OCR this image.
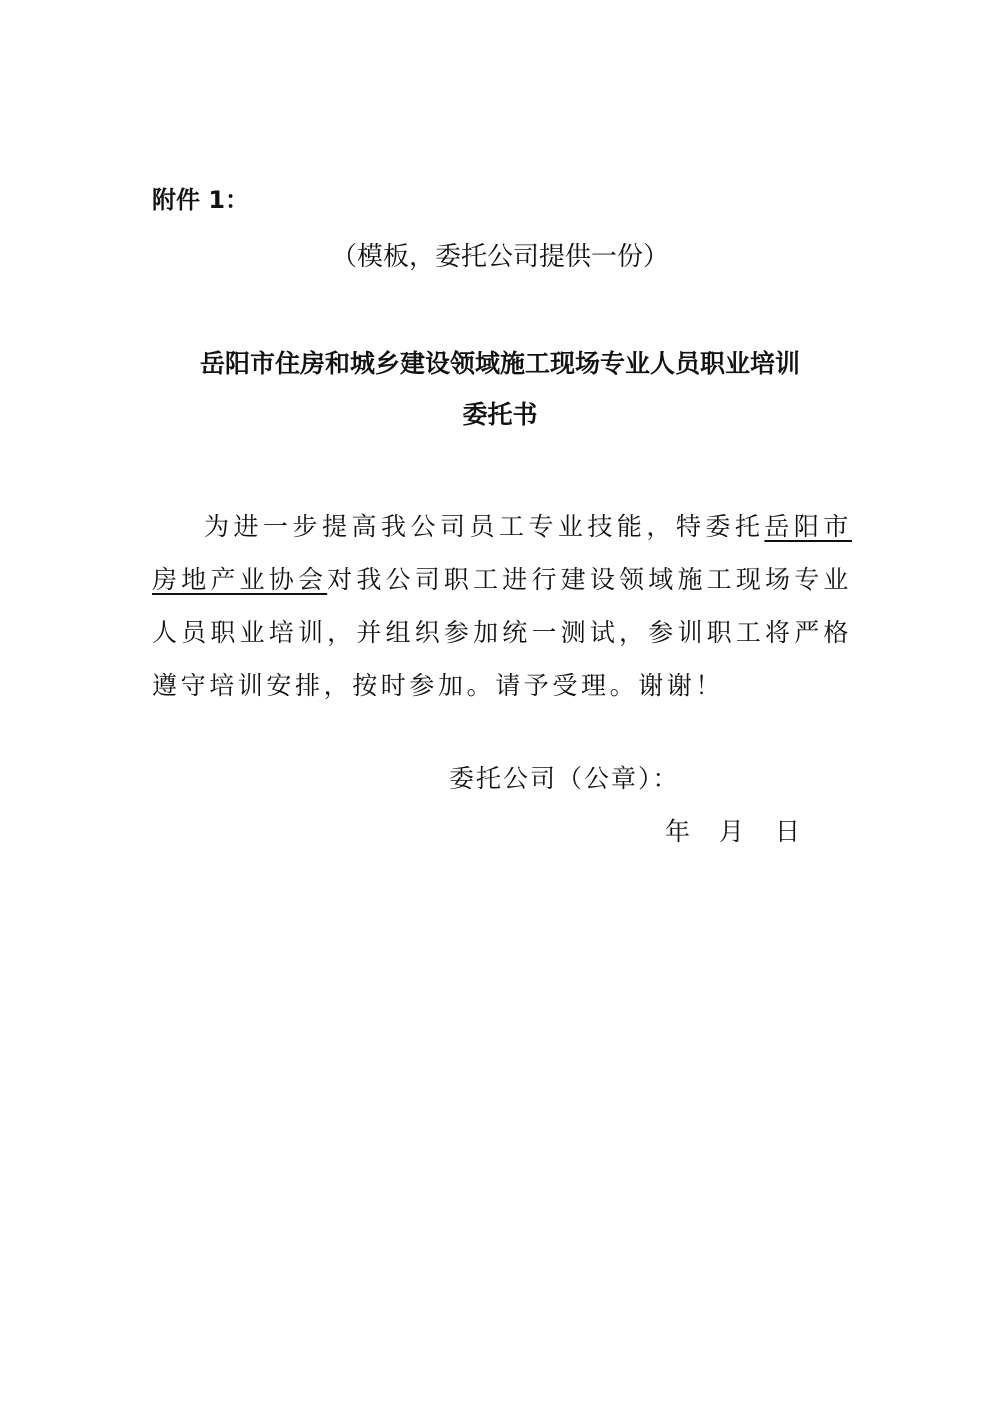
附件 1：
（模板，委托公司提供一份）
岳阳市住房和城乡建设领域施工现场专业人员职业培训
委托书

为进一步提高我公司员工专业技能，特委托岳阳市房地产业协会对我公司职工进行建设领域施工现场专业人员职业培训，并组织参加统一测试，参训职工将严格遵守培训安排，按时参加。请予受理。谢谢！

委托公司（公章）：
年 月 日
